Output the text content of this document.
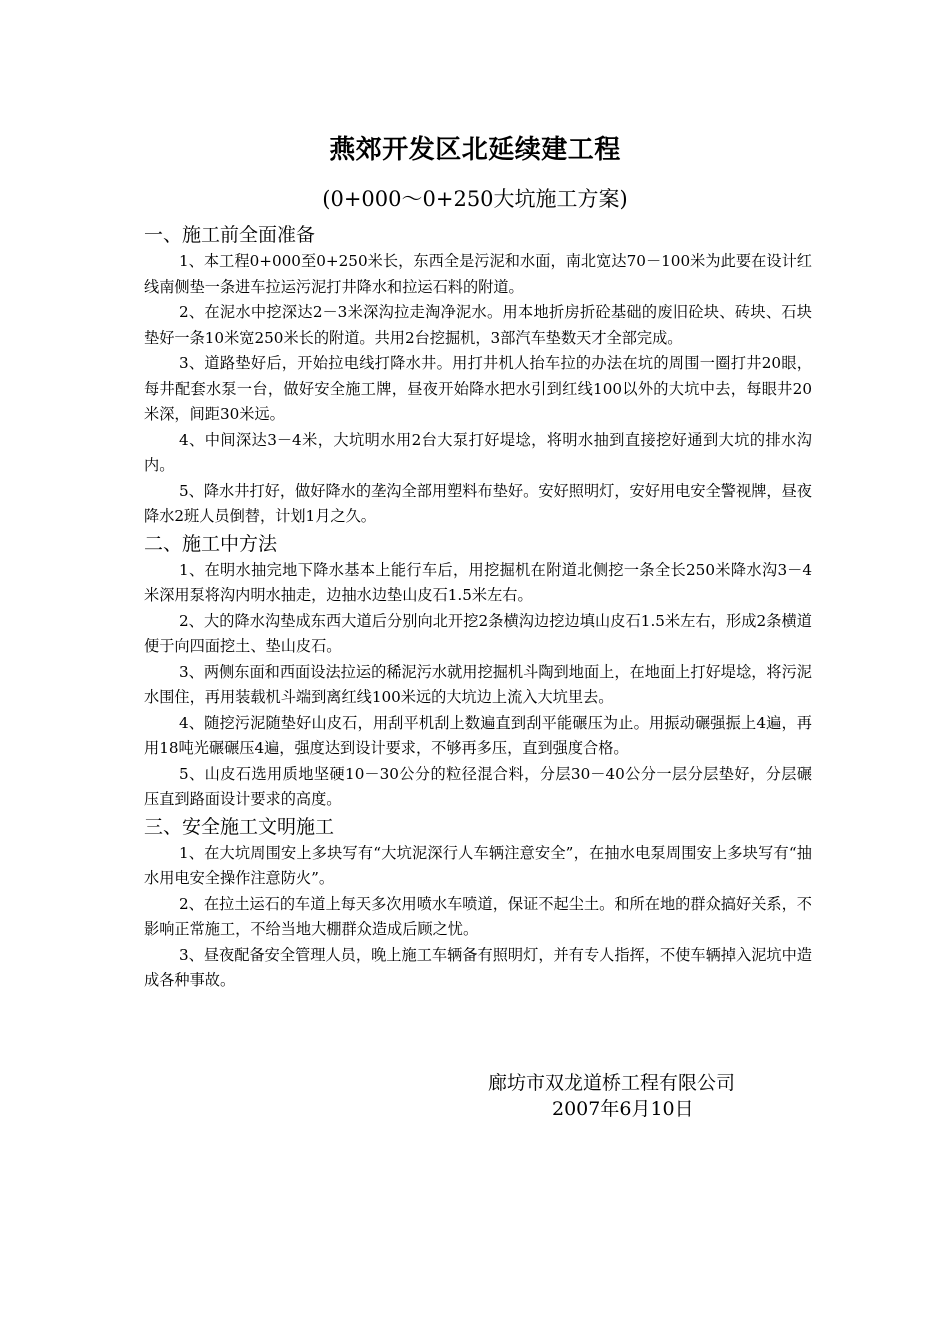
燕郊开发区北延续建工程
(0+000～0+250大坑施工方案)

一、施工前全面准备

1、本工程0+000至0+250米长，东西全是污泥和水面，南北宽达70－100米为此要在设计红线南侧垫一条进车拉运污泥打井降水和拉运石料的附道。

2、在泥水中挖深达2－3米深沟拉走淘净泥水。用本地折房折砼基础的废旧砼块、砖块、石块垫好一条10米宽250米长的附道。共用2台挖掘机，3部汽车垫数天才全部完成。

3、道路垫好后，开始拉电线打降水井。用打井机人抬车拉的办法在坑的周围一圈打井20眼，每井配套水泵一台，做好安全施工牌，昼夜开始降水把水引到红线100以外的大坑中去，每眼井20米深，间距30米远。

4、中间深达3－4米，大坑明水用2台大泵打好堤埝，将明水抽到直接挖好通到大坑的排水沟内。

5、降水井打好，做好降水的垄沟全部用塑料布垫好。安好照明灯，安好用电安全警视牌，昼夜降水2班人员倒替，计划1月之久。

二、施工中方法

1、在明水抽完地下降水基本上能行车后，用挖掘机在附道北侧挖一条全长250米降水沟3－4米深用泵将沟内明水抽走，边抽水边垫山皮石1.5米左右。

2、大的降水沟垫成东西大道后分别向北开挖2条横沟边挖边填山皮石1.5米左右，形成2条横道便于向四面挖土、垫山皮石。

3、两侧东面和西面设法拉运的稀泥污水就用挖掘机斗陶到地面上，在地面上打好堤埝，将污泥水围住，再用装载机斗端到离红线100米远的大坑边上流入大坑里去。

4、随挖污泥随垫好山皮石，用刮平机刮上数遍直到刮平能碾压为止。用振动碾强振上4遍，再用18吨光碾碾压4遍，强度达到设计要求，不够再多压，直到强度合格。

5、山皮石选用质地坚硬10－30公分的粒径混合料，分层30－40公分一层分层垫好，分层碾压直到路面设计要求的高度。

三、安全施工文明施工

1、在大坑周围安上多块写有“大坑泥深行人车辆注意安全”，在抽水电泵周围安上多块写有“抽水用电安全操作注意防火”。

2、在拉土运石的车道上每天多次用喷水车喷道，保证不起尘土。和所在地的群众搞好关系，不影响正常施工，不给当地大棚群众造成后顾之忧。

3、昼夜配备安全管理人员，晚上施工车辆备有照明灯，并有专人指挥，不使车辆掉入泥坑中造成各种事故。

廊坊市双龙道桥工程有限公司
2007年6月10日
